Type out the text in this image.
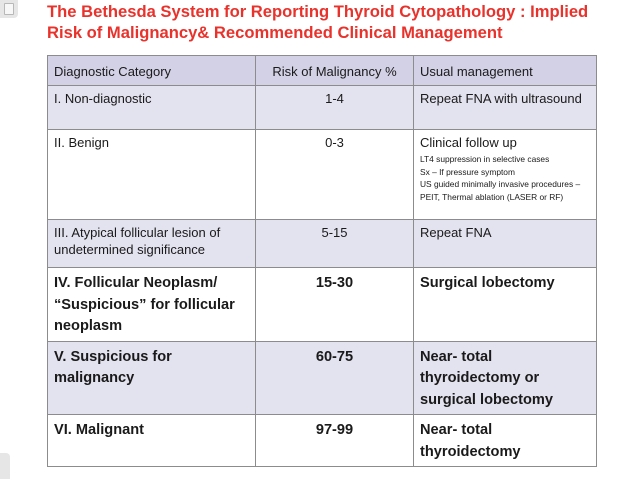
The Bethesda System for Reporting Thyroid Cytopathology : Implied Risk of Malignancy& Recommended Clinical Management
Diagnostic Category	Risk of Malignancy %	Usual management
I. Non-diagnostic	1-4	Repeat FNA with ultrasound
II. Benign	0-3	Clinical follow up
LT4 suppression in selective cases
Sx – If pressure symptom
US guided minimally invasive procedures – PEIT, Thermal ablation (LASER or RF)

III. Atypical follicular lesion of undetermined significance	5-15	Repeat FNA
IV. Follicular Neoplasm/ “Suspicious” for follicular neoplasm	15-30	Surgical lobectomy
V. Suspicious for malignancy	60-75	Near- total thyroidectomy or surgical lobectomy
VI. Malignant	97-99	Near- total thyroidectomy
